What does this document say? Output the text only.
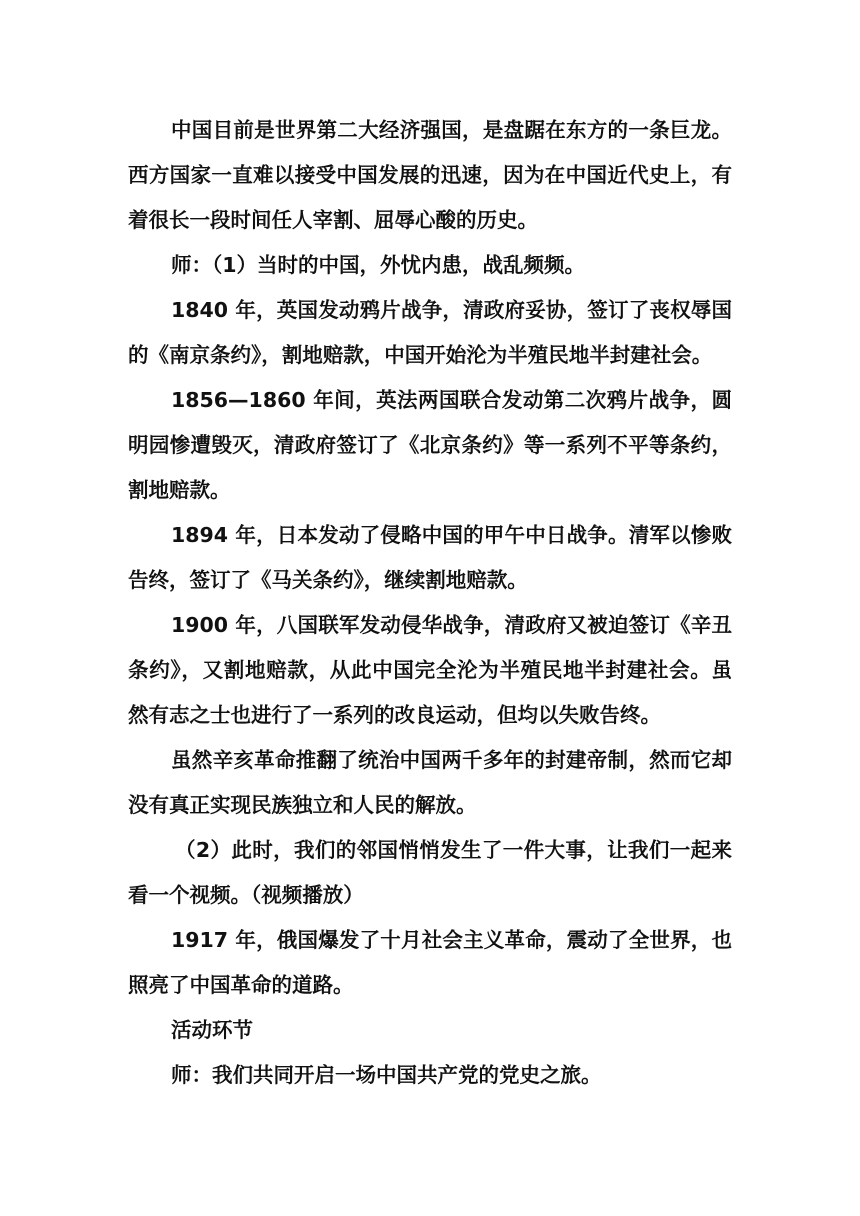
中国目前是世界第二大经济强国，是盘踞在东方的一条巨龙。西方国家一直难以接受中国发展的迅速，因为在中国近代史上，有着很长一段时间任人宰割、屈辱心酸的历史。

师：（1）当时的中国，外忧内患，战乱频频。

1840 年，英国发动鸦片战争，清政府妥协，签订了丧权辱国的《南京条约》，割地赔款，中国开始沦为半殖民地半封建社会。

1856—1860 年间，英法两国联合发动第二次鸦片战争，圆明园惨遭毁灭，清政府签订了《北京条约》等一系列不平等条约，割地赔款。

1894 年，日本发动了侵略中国的甲午中日战争。清军以惨败告终，签订了《马关条约》，继续割地赔款。

1900 年，八国联军发动侵华战争，清政府又被迫签订《辛丑条约》，又割地赔款，从此中国完全沦为半殖民地半封建社会。虽然有志之士也进行了一系列的改良运动，但均以失败告终。

虽然辛亥革命推翻了统治中国两千多年的封建帝制，然而它却没有真正实现民族独立和人民的解放。

（2）此时，我们的邻国悄悄发生了一件大事，让我们一起来看一个视频。（视频播放）

1917 年，俄国爆发了十月社会主义革命，震动了全世界，也照亮了中国革命的道路。

活动环节

师：我们共同开启一场中国共产党的党史之旅。
